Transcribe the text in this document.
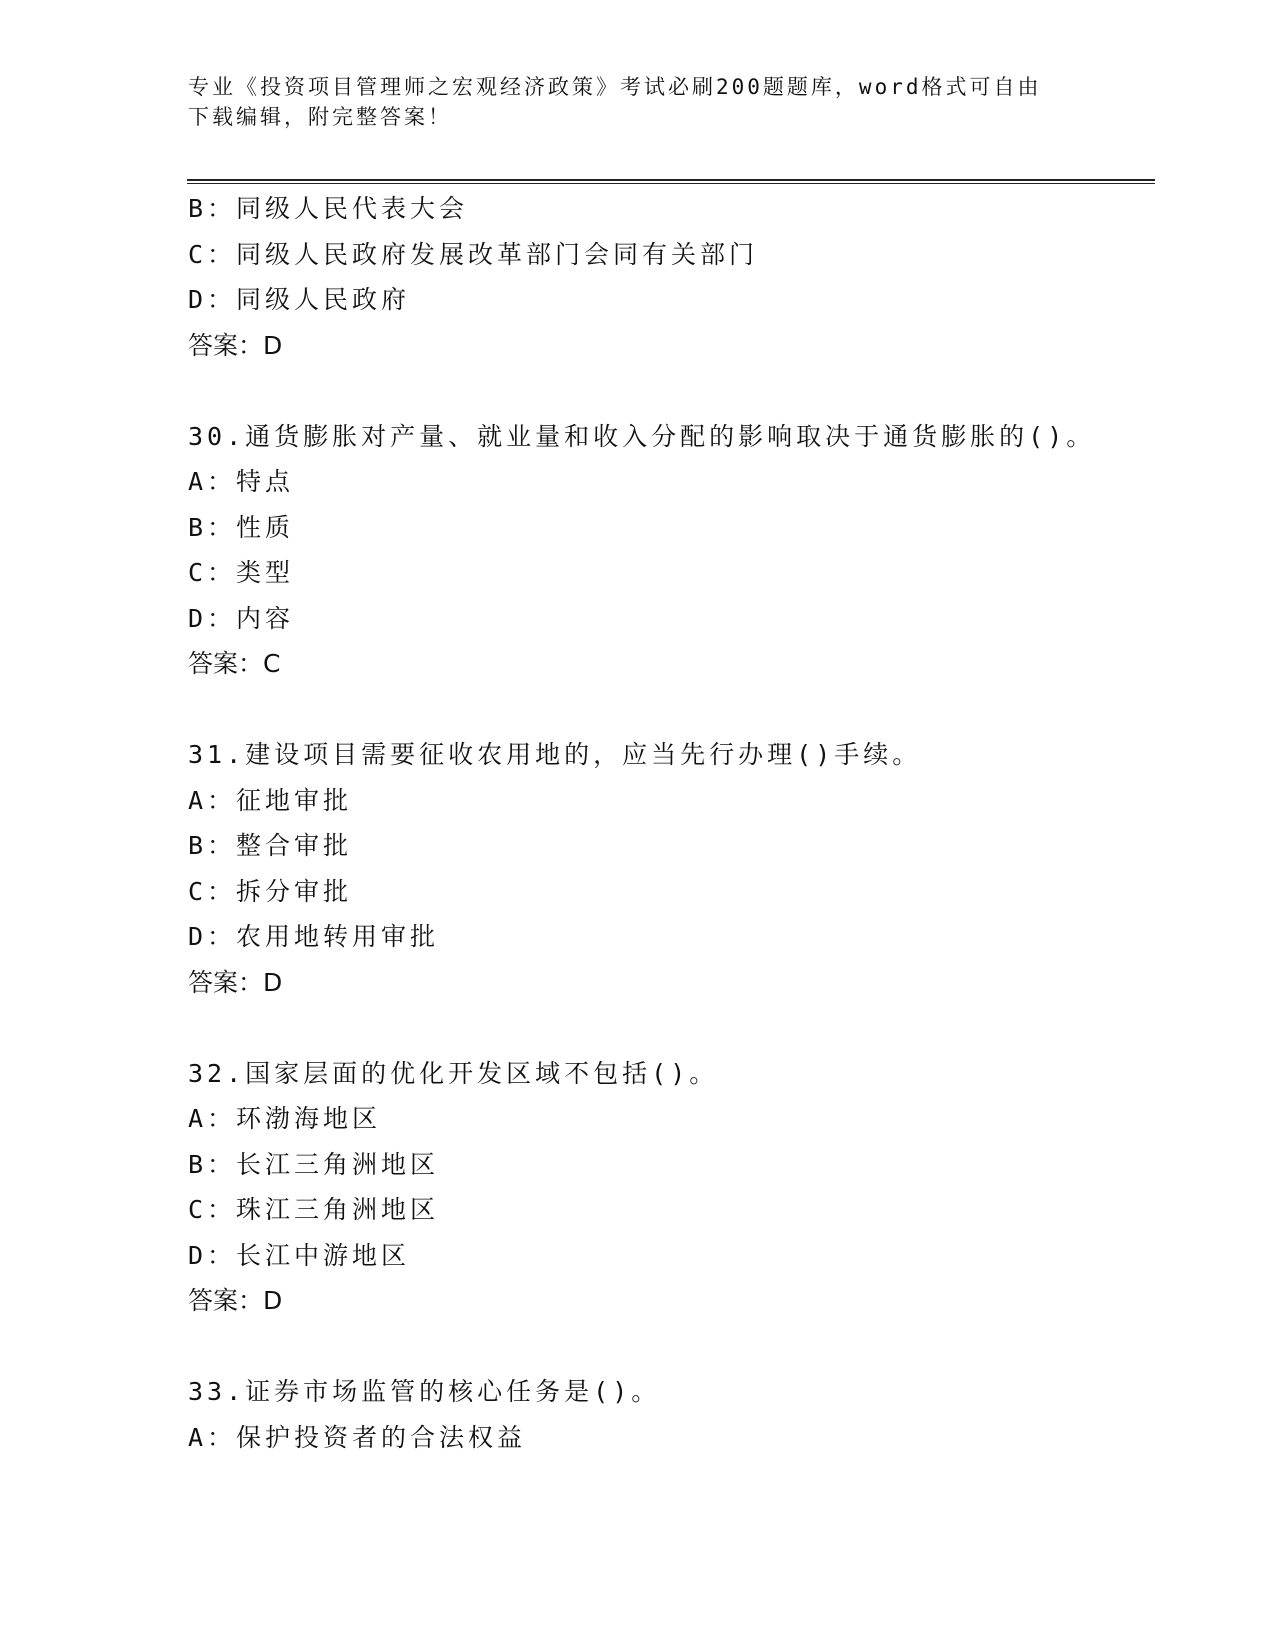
专业《投资项目管理师之宏观经济政策》考试必刷200题题库，word格式可自由
下载编辑，附完整答案！
B：同级人民代表大会
C：同级人民政府发展改革部门会同有关部门
D：同级人民政府
答案：D
30.通货膨胀对产量、就业量和收入分配的影响取决于通货膨胀的()。
A：特点
B：性质
C：类型
D：内容
答案：C
31.建设项目需要征收农用地的，应当先行办理()手续。
A：征地审批
B：整合审批
C：拆分审批
D：农用地转用审批
答案：D
32.国家层面的优化开发区域不包括()。
A：环渤海地区
B：长江三角洲地区
C：珠江三角洲地区
D：长江中游地区
答案：D
33.证券市场监管的核心任务是()。
A：保护投资者的合法权益
